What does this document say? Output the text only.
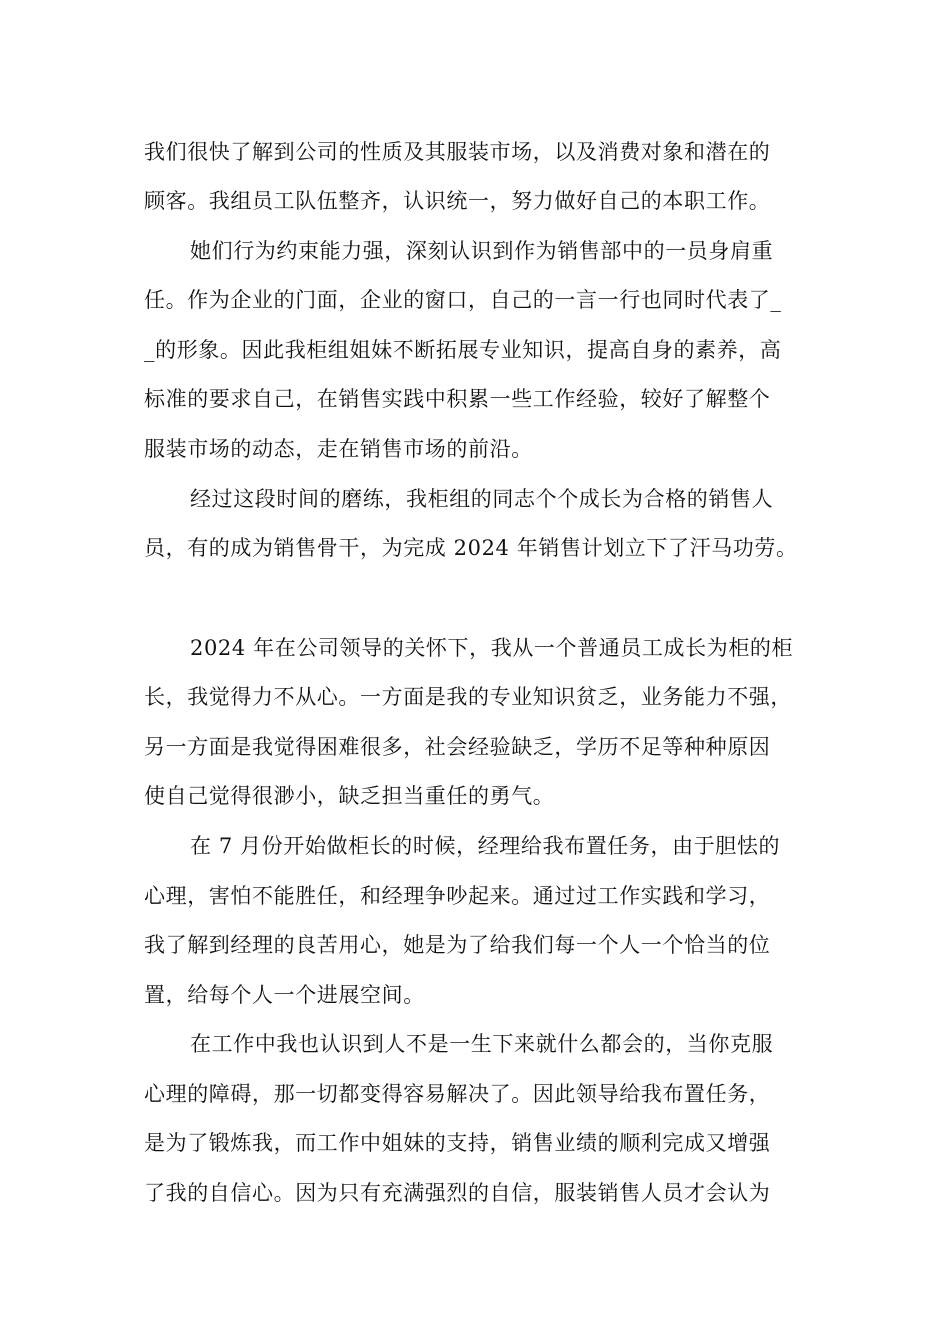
我们很快了解到公司的性质及其服装市场，以及消费对象和潜在的
顾客。我组员工队伍整齐，认识统一，努力做好自己的本职工作。
她们行为约束能力强，深刻认识到作为销售部中的一员身肩重
任。作为企业的门面，企业的窗口，自己的一言一行也同时代表了_
_的形象。因此我柜组姐妹不断拓展专业知识，提高自身的素养，高
标准的要求自己，在销售实践中积累一些工作经验，较好了解整个
服装市场的动态，走在销售市场的前沿。
经过这段时间的磨练，我柜组的同志个个成长为合格的销售人
员，有的成为销售骨干，为完成 2024 年销售计划立下了汗马功劳。
2024 年在公司领导的关怀下，我从一个普通员工成长为柜的柜
长，我觉得力不从心。一方面是我的专业知识贫乏，业务能力不强，
另一方面是我觉得困难很多，社会经验缺乏，学历不足等种种原因
使自己觉得很渺小，缺乏担当重任的勇气。
在 7 月份开始做柜长的时候，经理给我布置任务，由于胆怯的
心理，害怕不能胜任，和经理争吵起来。通过过工作实践和学习，
我了解到经理的良苦用心，她是为了给我们每一个人一个恰当的位
置，给每个人一个进展空间。
在工作中我也认识到人不是一生下来就什么都会的，当你克服
心理的障碍，那一切都变得容易解决了。因此领导给我布置任务，
是为了锻炼我，而工作中姐妹的支持，销售业绩的顺利完成又增强
了我的自信心。因为只有充满强烈的自信，服装销售人员才会认为
